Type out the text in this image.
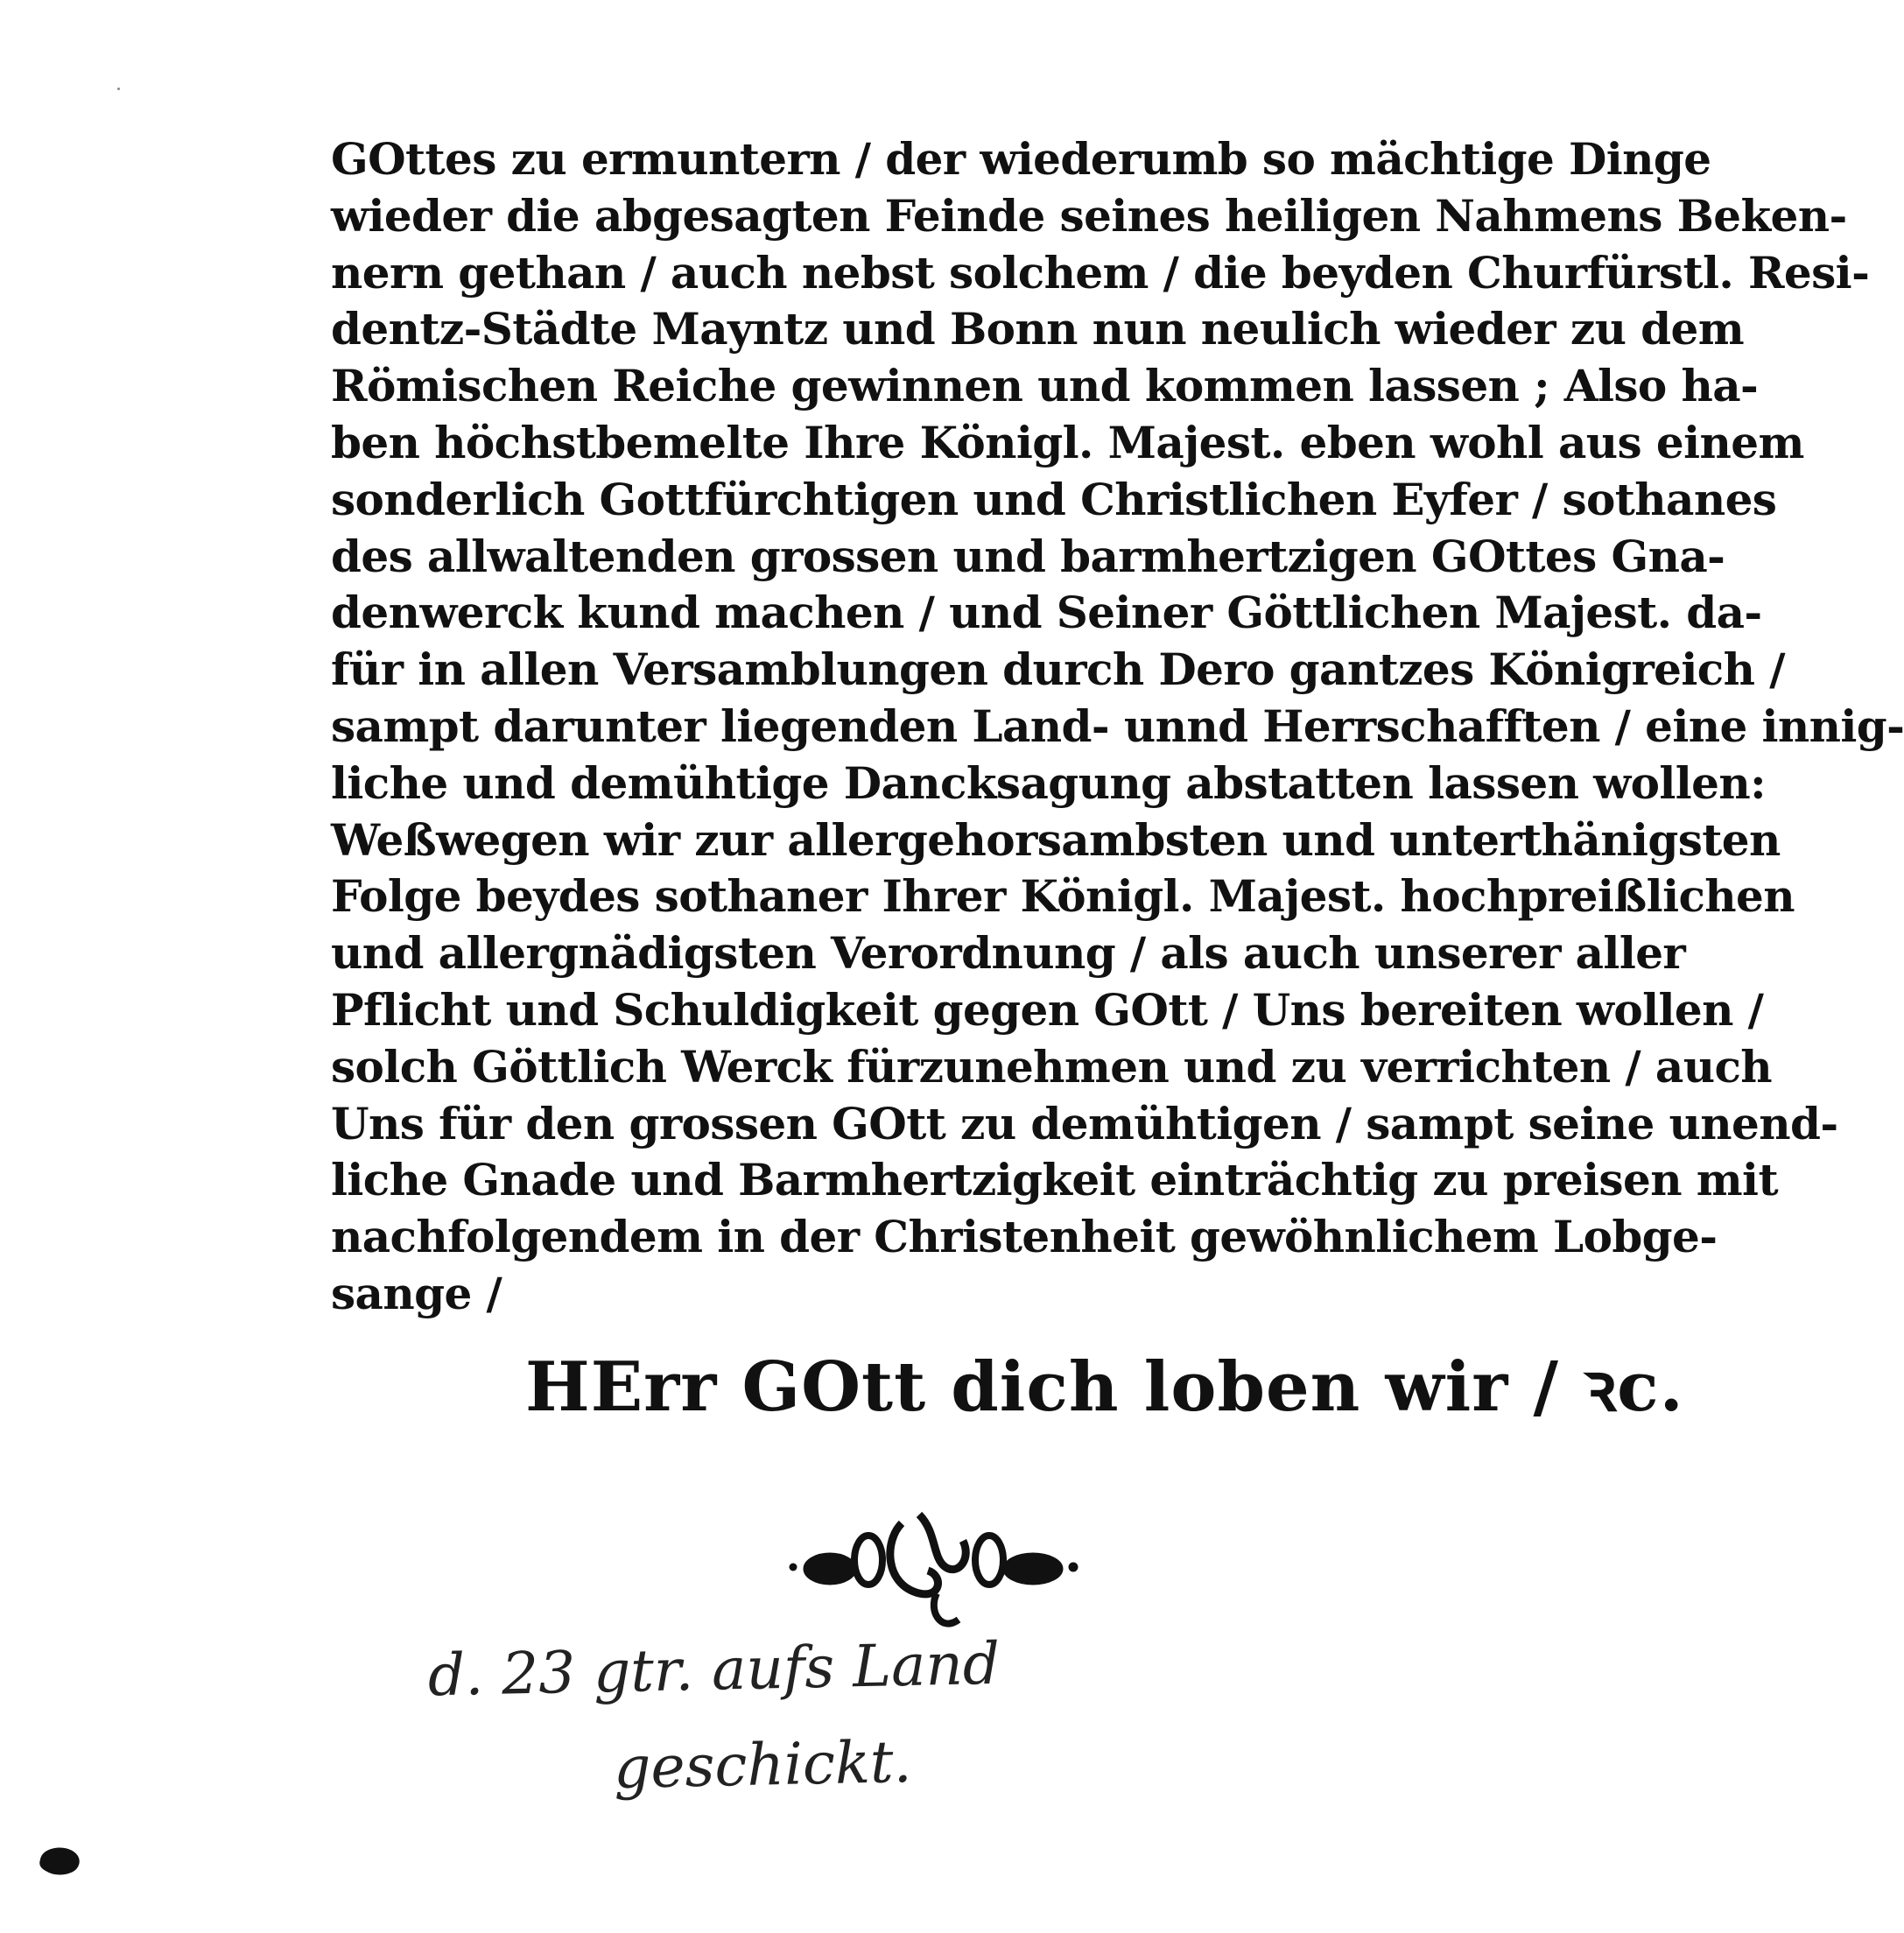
GOttes zu ermuntern / der wiederumb so mächtige Dinge
wieder die abgesagten Feinde seines heiligen Nahmens Beken-
nern gethan / auch nebst solchem / die beyden Churfürstl. Resi-
dentz-Städte Mayntz und Bonn nun neulich wieder zu dem
Römischen Reiche gewinnen und kommen lassen ; Also ha-
ben höchstbemelte Ihre Königl. Majest. eben wohl aus einem
sonderlich Gottfürchtigen und Christlichen Eyfer / sothanes
des allwaltenden grossen und barmhertzigen GOttes Gna-
denwerck kund machen / und Seiner Göttlichen Majest. da-
für in allen Versamblungen durch Dero gantzes Königreich /
sampt darunter liegenden Land- unnd Herrschafften / eine innig-
liche und demühtige Dancksagung abstatten lassen wollen:
Weßwegen wir zur allergehorsambsten und unterthänigsten
Folge beydes sothaner Ihrer Königl. Majest. hochpreißlichen
und allergnädigsten Verordnung / als auch unserer aller
Pflicht und Schuldigkeit gegen GOtt / Uns bereiten wollen /
solch Göttlich Werck fürzunehmen und zu verrichten / auch
Uns für den grossen GOtt zu demühtigen / sampt seine unend-
liche Gnade und Barmhertzigkeit einträchtig zu preisen mit
nachfolgendem in der Christenheit gewöhnlichem Lobge-
sange /
HErr GOtt dich loben wir / ꝛc.
d. 23 gtr. aufs Land
geschickt.
